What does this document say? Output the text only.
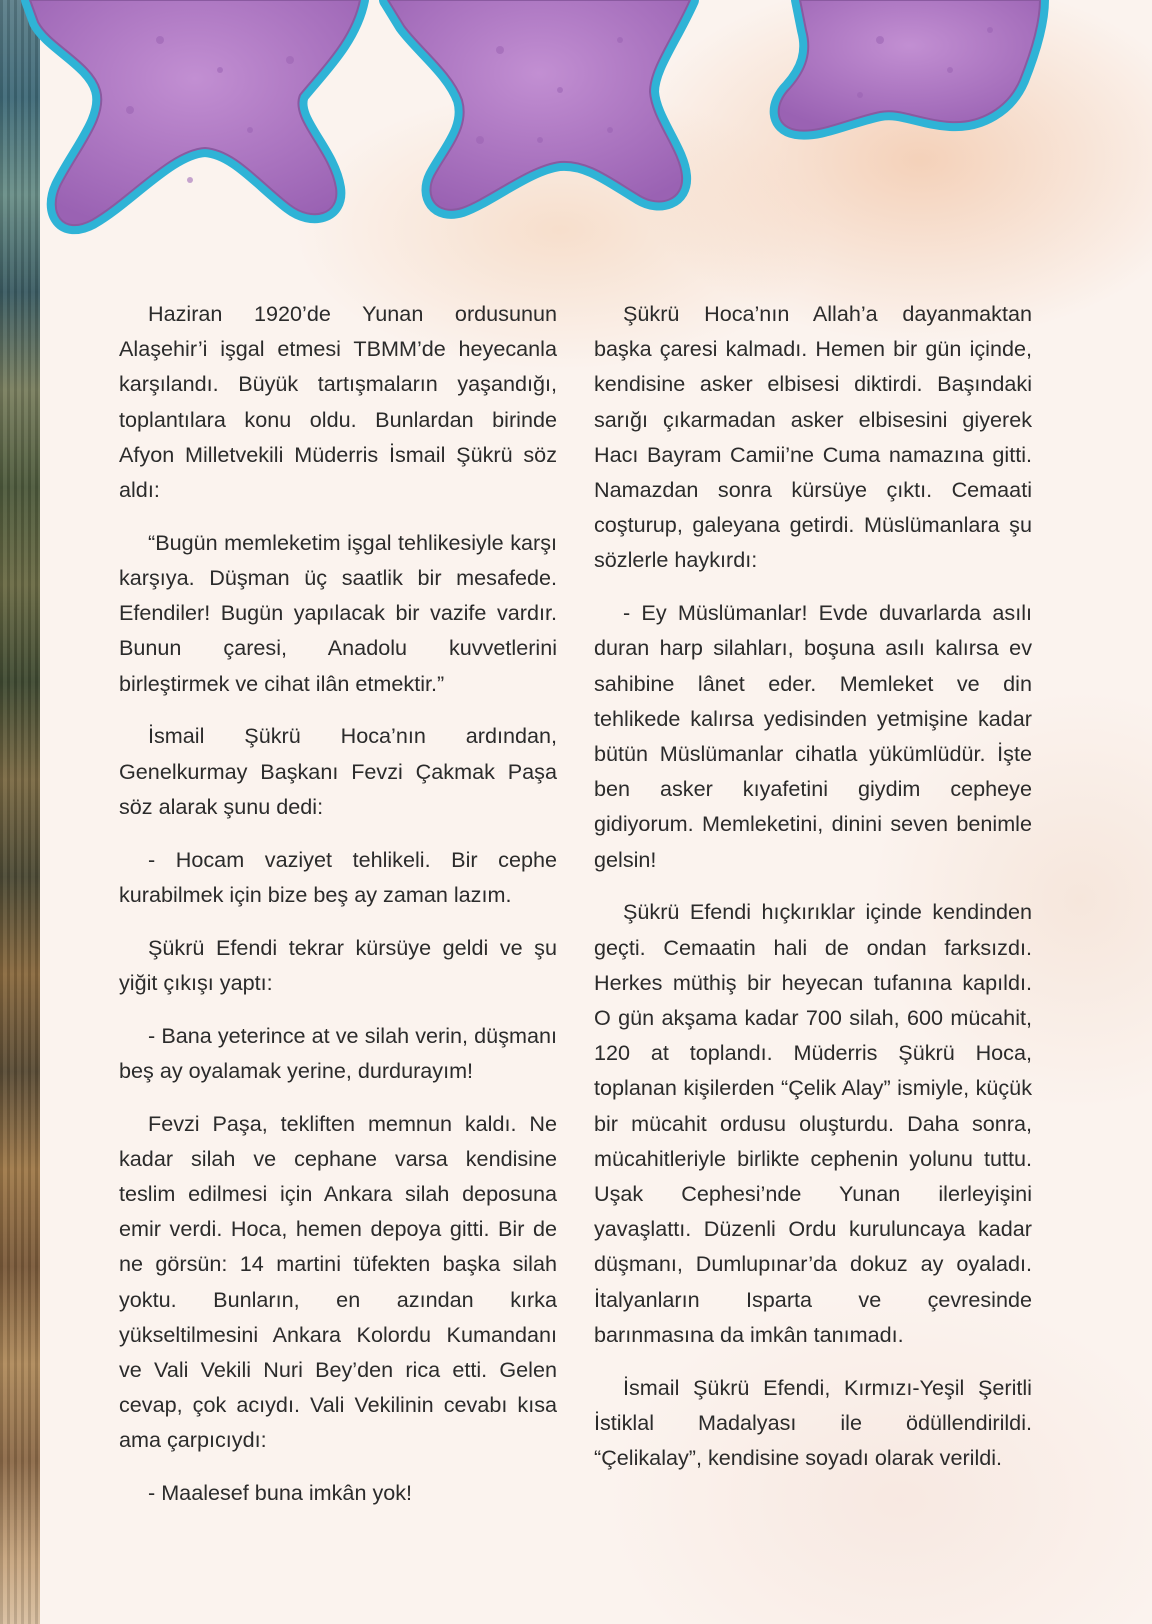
Haziran 1920’de Yunan ordusunun Alaşehir’i işgal etmesi TBMM’de heyecanla karşılandı. Büyük tartışmaların yaşandığı, toplantılara konu oldu. Bunlardan birinde Afyon Milletvekili Müderris İsmail Şükrü söz aldı:

“Bugün memleketim işgal tehlikesiyle karşı karşıya. Düşman üç saatlik bir mesafede. Efendiler! Bugün yapılacak bir vazife vardır. Bunun çaresi, Anadolu kuvvetlerini birleştirmek ve cihat ilân etmektir.”

İsmail Şükrü Hoca’nın ardından, Genelkurmay Başkanı Fevzi Çakmak Paşa söz alarak şunu dedi:

- Hocam vaziyet tehlikeli. Bir cephe kurabilmek için bize beş ay zaman lazım.

Şükrü Efendi tekrar kürsüye geldi ve şu yiğit çıkışı yaptı:

- Bana yeterince at ve silah verin, düşmanı beş ay oyalamak yerine, durdurayım!

Fevzi Paşa, tekliften memnun kaldı. Ne kadar silah ve cephane varsa kendisine teslim edilmesi için Ankara silah deposuna emir verdi. Hoca, hemen depoya gitti. Bir de ne görsün: 14 martini tüfekten başka silah yoktu. Bunların, en azından kırka yükseltilmesini Ankara Kolordu Kumandanı ve Vali Vekili Nuri Bey’den rica etti. Gelen cevap, çok acıydı. Vali Vekilinin cevabı kısa ama çarpıcıydı:

- Maalesef buna imkân yok!

Şükrü Hoca’nın Allah’a dayanmaktan başka çaresi kalmadı. Hemen bir gün içinde, kendisine asker elbisesi diktirdi. Başındaki sarığı çıkarmadan asker elbisesini giyerek Hacı Bayram Camii’ne Cuma namazına gitti. Namazdan sonra kürsüye çıktı. Cemaati coşturup, galeyana getirdi. Müslümanlara şu sözlerle haykırdı:

- Ey Müslümanlar! Evde duvarlarda asılı duran harp silahları, boşuna asılı kalırsa ev sahibine lânet eder. Memleket ve din tehlikede kalırsa yedisinden yetmişine kadar bütün Müslümanlar cihatla yükümlüdür. İşte ben asker kıyafetini giydim cepheye gidiyorum. Memleketini, dinini seven benimle gelsin!

Şükrü Efendi hıçkırıklar içinde kendinden geçti. Cemaatin hali de ondan farksızdı. Herkes müthiş bir heyecan tufanına kapıldı. O gün akşama kadar 700 silah, 600 mücahit, 120 at toplandı. Müderris Şükrü Hoca, toplanan kişilerden “Çelik Alay” ismiyle, küçük bir mücahit ordusu oluşturdu. Daha sonra, mücahitleriyle birlikte cephenin yolunu tuttu. Uşak Cephesi’nde Yunan ilerleyişini yavaşlattı. Düzenli Ordu kuruluncaya kadar düşmanı, Dumlupınar’da dokuz ay oyaladı. İtalyanların Isparta ve çevresinde barınmasına da imkân tanımadı.

İsmail Şükrü Efendi, Kırmızı-Yeşil Şeritli İstiklal Madalyası ile ödüllendirildi. “Çelikalay”, kendisine soyadı olarak verildi.
